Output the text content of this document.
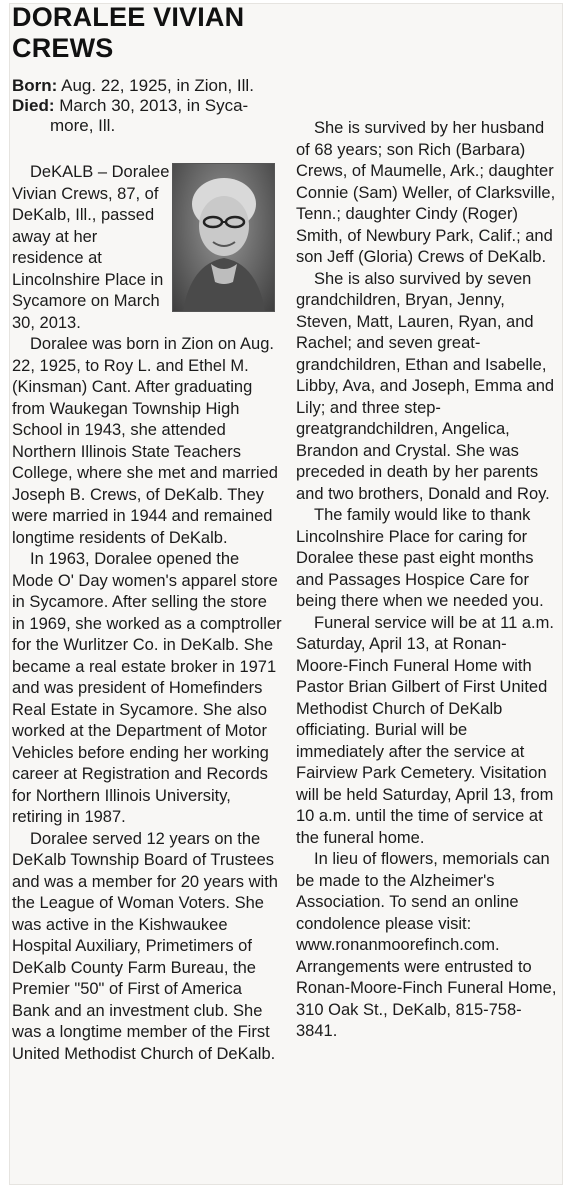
DORALEE VIVIAN
CREWS
Born: Aug. 22, 1925, in Zion, Ill.
Died: March 30, 2013, in Syca-
more, Ill.

DeKALB – Doralee Vivian Crews, 87, of DeKalb, Ill., passed away at her residence at Lincolnshire Place in Sycamore on March 30, 2013.

Doralee was born in Zion on Aug. 22, 1925, to Roy L. and Ethel M. (Kinsman) Cant. After graduating from Waukegan Township High School in 1943, she attended Northern Illinois State Teachers College, where she met and married Joseph B. Crews, of DeKalb. They were married in 1944 and remained longtime residents of DeKalb.

In 1963, Doralee opened the Mode O' Day women's apparel store in Sycamore. After selling the store in 1969, she worked as a comptroller for the Wurlitzer Co. in DeKalb. She became a real estate broker in 1971 and was president of Homefinders Real Estate in Sycamore. She also worked at the Department of Motor Vehicles before ending her working career at Registration and Records for Northern Illinois University, retiring in 1987.

Doralee served 12 years on the DeKalb Township Board of Trustees and was a member for 20 years with the League of Woman Voters. She was active in the Kishwaukee Hospital Auxiliary, Primetimers of DeKalb County Farm Bureau, the Premier "50" of First of America Bank and an investment club. She was a longtime member of the First United Methodist Church of DeKalb.

She is survived by her husband of 68 years; son Rich (Barbara) Crews, of Maumelle, Ark.; daughter Connie (Sam) Weller, of Clarksville, Tenn.; daughter Cindy (Roger) Smith, of Newbury Park, Calif.; and son Jeff (Gloria) Crews of DeKalb.

She is also survived by seven grandchildren, Bryan, Jenny, Steven, Matt, Lauren, Ryan, and Rachel; and seven great-grandchildren, Ethan and Isabelle, Libby, Ava, and Joseph, Emma and Lily; and three step-greatgrandchildren, Angelica, Brandon and Crystal. She was preceded in death by her parents and two brothers, Donald and Roy.

The family would like to thank Lincolnshire Place for caring for Doralee these past eight months and Passages Hospice Care for being there when we needed you.

Funeral service will be at 11 a.m. Saturday, April 13, at Ronan-Moore-Finch Funeral Home with Pastor Brian Gilbert of First United Methodist Church of DeKalb officiating. Burial will be immediately after the service at Fairview Park Cemetery. Visitation will be held Saturday, April 13, from 10 a.m. until the time of service at the funeral home.

In lieu of flowers, memorials can be made to the Alzheimer's Association. To send an online condolence please visit: www.ronanmoorefinch.com. Arrangements were entrusted to Ronan-Moore-Finch Funeral Home, 310 Oak St., DeKalb, 815-758-3841.
